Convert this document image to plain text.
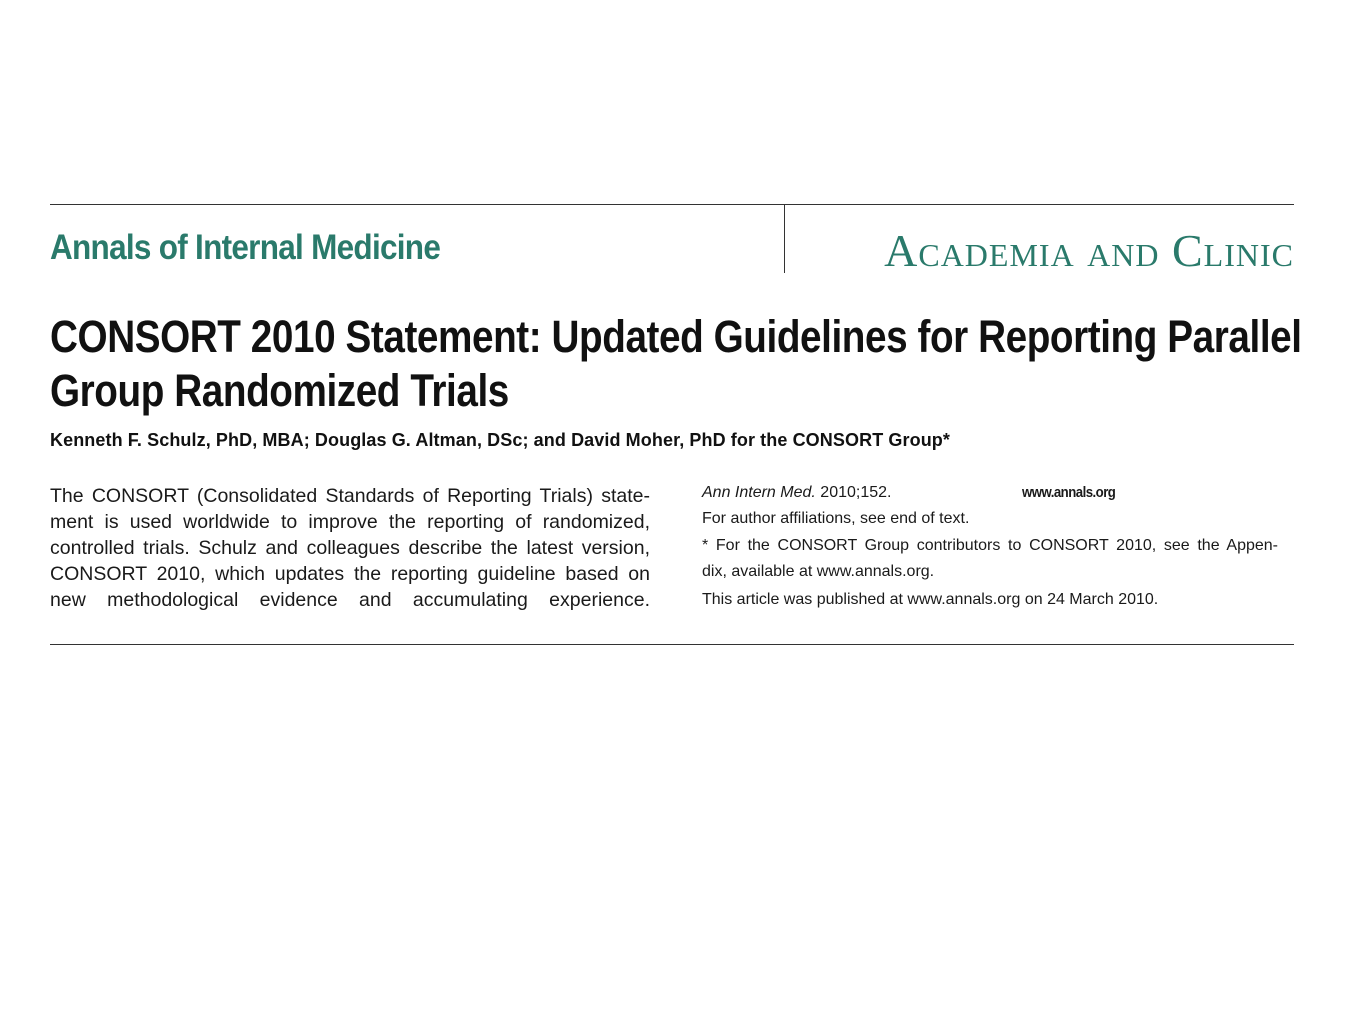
Annals of Internal Medicine	Academia and Clinic
CONSORT 2010 Statement: Updated Guidelines for Reporting Parallel
Group Randomized Trials
Kenneth F. Schulz, PhD, MBA; Douglas G. Altman, DSc; and David Moher, PhD for the CONSORT Group*
The CONSORT (Consolidated Standards of Reporting Trials) state-
ment is used worldwide to improve the reporting of randomized,
controlled trials. Schulz and colleagues describe the latest version,
CONSORT 2010, which updates the reporting guideline based on
new methodological evidence and accumulating experience.
Ann Intern Med. 2010;152.	www.annals.org
For author affiliations, see end of text.
* For the CONSORT Group contributors to CONSORT 2010, see the Appen-
dix, available at www.annals.org.
This article was published at www.annals.org on 24 March 2010.
